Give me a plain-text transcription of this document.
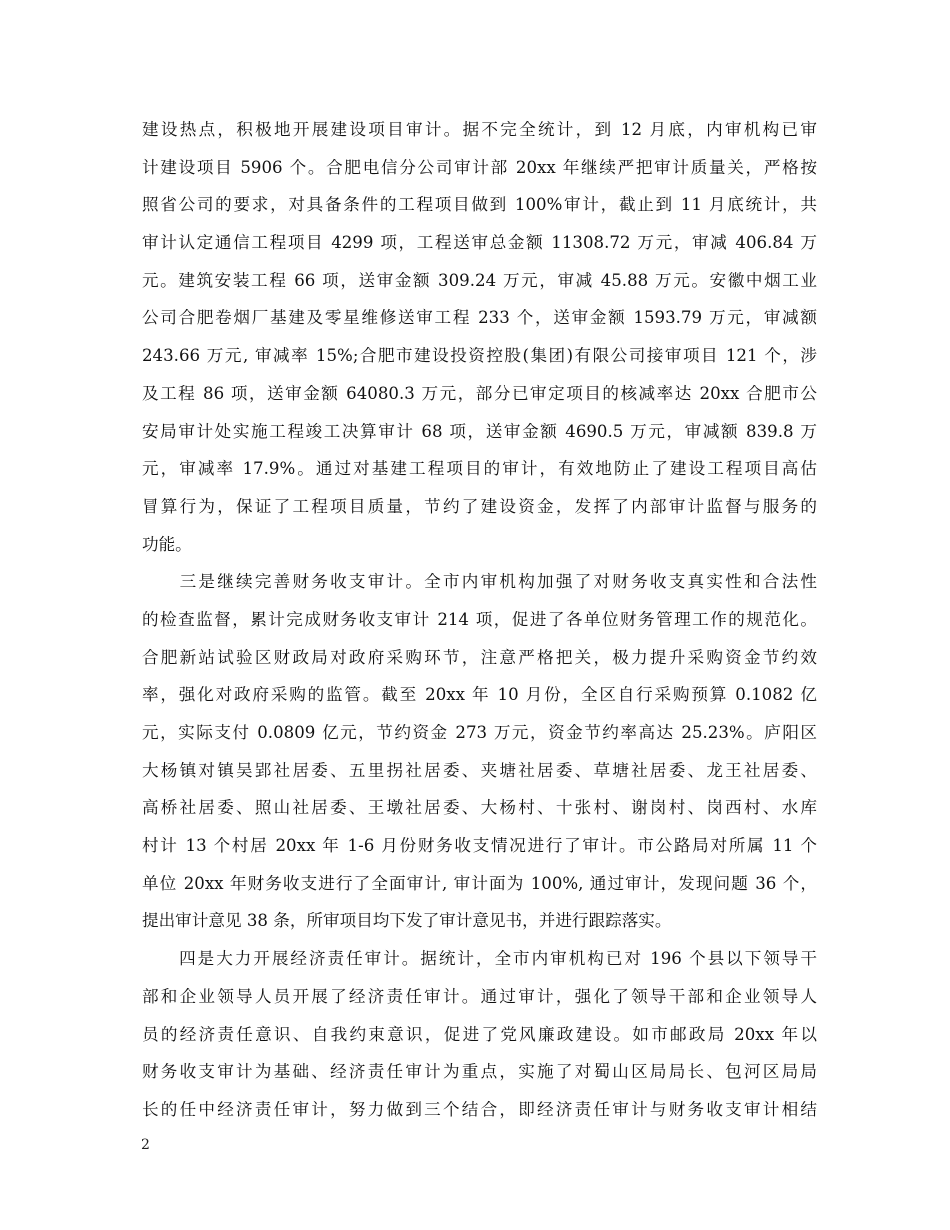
建设热点，积极地开展建设项目审计。据不完全统计，到 12 月底，内审机构已审
计建设项目 5906 个。合肥电信分公司审计部 20xx 年继续严把审计质量关，严格按
照省公司的要求，对具备条件的工程项目做到 100%审计，截止到 11 月底统计，共
审计认定通信工程项目 4299 项，工程送审总金额 11308.72 万元，审减 406.84 万
元。建筑安装工程 66 项，送审金额 309.24 万元，审减 45.88 万元。安徽中烟工业
公司合肥卷烟厂基建及零星维修送审工程 233 个，送审金额 1593.79 万元，审减额
243.66 万元, 审减率 15%;合肥市建设投资控股(集团)有限公司接审项目 121 个，涉
及工程 86 项，送审金额 64080.3 万元，部分已审定项目的核减率达 20xx 合肥市公
安局审计处实施工程竣工决算审计 68 项，送审金额 4690.5 万元，审减额 839.8 万
元，审减率 17.9%。通过对基建工程项目的审计，有效地防止了建设工程项目高估
冒算行为，保证了工程项目质量，节约了建设资金，发挥了内部审计监督与服务的
功能。
　　三是继续完善财务收支审计。全市内审机构加强了对财务收支真实性和合法性
的检查监督，累计完成财务收支审计 214 项，促进了各单位财务管理工作的规范化。
合肥新站试验区财政局对政府采购环节，注意严格把关，极力提升采购资金节约效
率，强化对政府采购的监管。截至 20xx 年 10 月份，全区自行采购预算 0.1082 亿
元，实际支付 0.0809 亿元，节约资金 273 万元，资金节约率高达 25.23%。庐阳区
大杨镇对镇吴郢社居委、五里拐社居委、夹塘社居委、草塘社居委、龙王社居委、
高桥社居委、照山社居委、王墩社居委、大杨村、十张村、谢岗村、岗西村、水库
村计 13 个村居 20xx 年 1-6 月份财务收支情况进行了审计。市公路局对所属 11 个
单位 20xx 年财务收支进行了全面审计, 审计面为 100%, 通过审计，发现问题 36 个，
提出审计意见 38 条，所审项目均下发了审计意见书，并进行跟踪落实。
　　四是大力开展经济责任审计。据统计，全市内审机构已对 196 个县以下领导干
部和企业领导人员开展了经济责任审计。通过审计，强化了领导干部和企业领导人
员的经济责任意识、自我约束意识，促进了党风廉政建设。如市邮政局 20xx 年以
财务收支审计为基础、经济责任审计为重点，实施了对蜀山区局局长、包河区局局
长的任中经济责任审计，努力做到三个结合，即经济责任审计与财务收支审计相结
2
